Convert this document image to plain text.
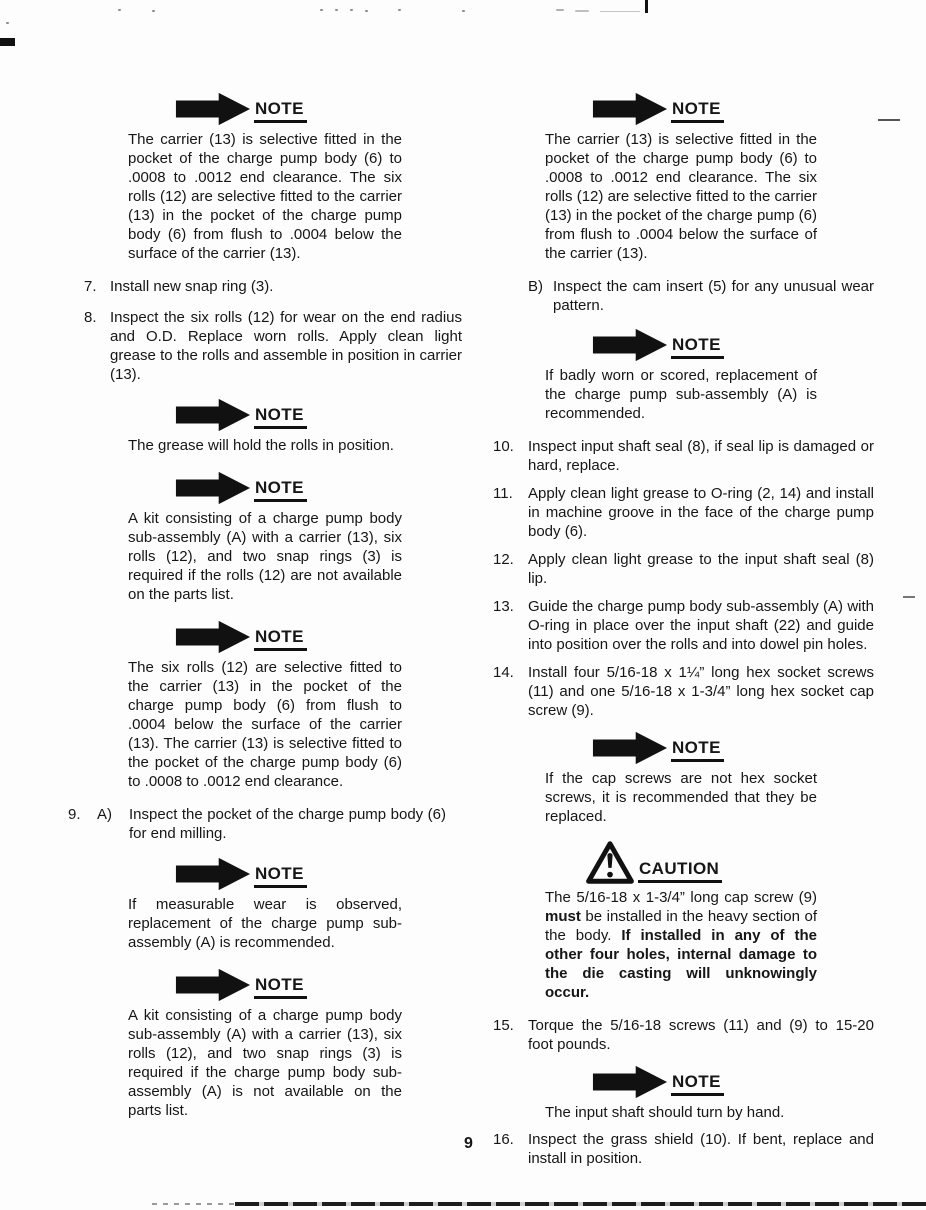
NOTE

The carrier (13) is selective fitted in the pocket of the charge pump body (6) to .0008 to .0012 end clearance. The six rolls (12) are selective fitted to the carrier (13) in the pocket of the charge pump body (6) from flush to .0004 below the surface of the carrier (13).

7. Install new snap ring (3).
8. Inspect the six rolls (12) for wear on the end radius and O.D. Replace worn rolls. Apply clean light grease to the rolls and assemble in position in carrier (13).
NOTE

The grease will hold the rolls in position.

NOTE

A kit consisting of a charge pump body sub-assembly (A) with a carrier (13), six rolls (12), and two snap rings (3) is required if the rolls (12) are not available on the parts list.

NOTE

The six rolls (12) are selective fitted to the carrier (13) in the pocket of the charge pump body (6) from flush to .0004 below the surface of the carrier (13). The carrier (13) is selective fitted to the pocket of the charge pump body (6) to .0008 to .0012 end clearance.

9.	A)	Inspect the pocket of the charge pump body (6) for end milling.
NOTE

If measurable wear is observed, replacement of the charge pump sub-assembly (A) is recommended.

NOTE

A kit consisting of a charge pump body sub-assembly (A) with a carrier (13), six rolls (12), and two snap rings (3) is required if the charge pump body sub-assembly (A) is not available on the parts list.

NOTE

The carrier (13) is selective fitted in the pocket of the charge pump body (6) to .0008 to .0012 end clearance. The six rolls (12) are selective fitted to the carrier (13) in the pocket of the charge pump (6) from flush to .0004 below the surface of the carrier (13).

B) Inspect the cam insert (5) for any unusual wear pattern.
NOTE

If badly worn or scored, replacement of the charge pump sub-assembly (A) is recommended.

10. Inspect input shaft seal (8), if seal lip is damaged or hard, replace.
11.	Apply clean light grease to O-ring (2, 14) and install in machine groove in the face of the charge pump body (6).
12. Apply clean light grease to the input shaft seal (8) lip.
13. Guide the charge pump body sub-assembly (A) with O-ring in place over the input shaft (22) and guide into position over the rolls and into dowel pin holes.
14. Install four 5/16-18 x 1¼” long hex socket screws (11) and one 5/16-18 x 1-3/4” long hex socket cap screw (9).
NOTE

If the cap screws are not hex socket screws, it is recommended that they be replaced.

CAUTION

The 5/16-18 x 1-3/4” long cap screw (9) must be installed in the heavy section of the body. If installed in any of the other four holes, internal damage to the die casting will unknowingly occur.

15. Torque the 5/16-18 screws (11) and (9) to 15-20 foot pounds.
NOTE

The input shaft should turn by hand.

16. Inspect the grass shield (10). If bent, replace and install in position.
9
